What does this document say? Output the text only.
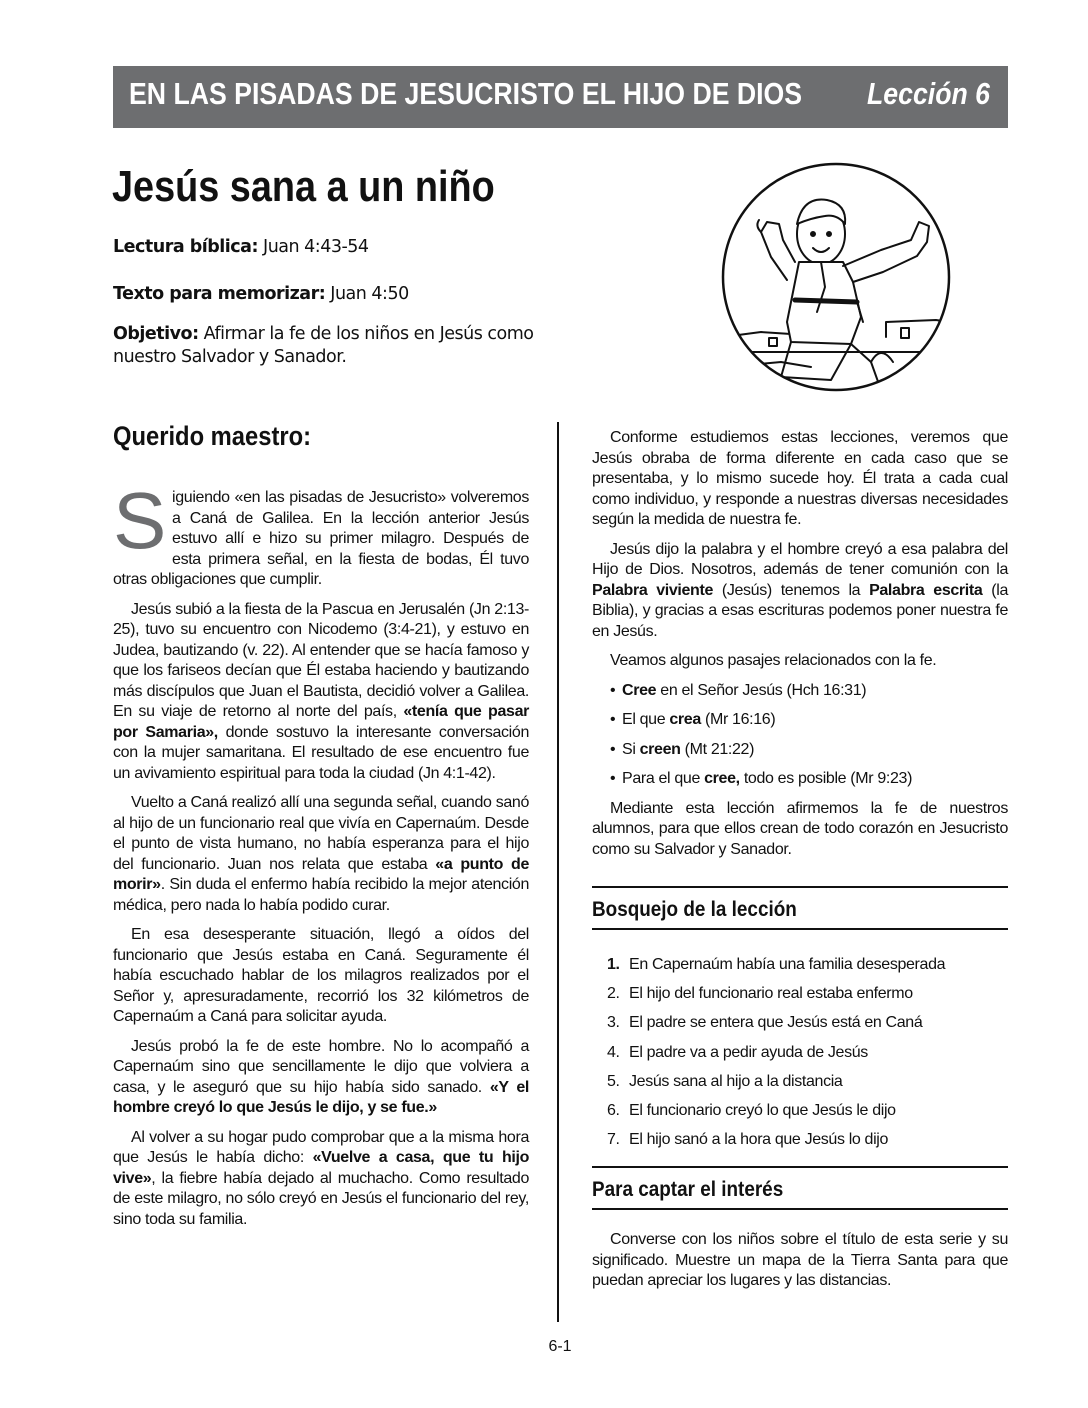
EN LAS PISADAS DE JESUCRISTO EL HIJO DE DIOS Lección 6
Jesús sana a un niño
Lectura bíblica: Juan 4:43-54
Texto para memorizar: Juan 4:50
Objetivo: Afirmar la fe de los niños en Jesús como nuestro Salvador y Sanador.
Querido maestro:

Siguiendo «en las pisadas de Jesucristo» volveremos a Caná de Galilea. En la lección anterior Jesús estuvo allí e hizo su primer milagro. Después de esta primera señal, en la fiesta de bodas, Él tuvo otras obligaciones que cumplir.

Jesús subió a la fiesta de la Pascua en Jerusalén (Jn 2:13-25), tuvo su encuentro con Nicodemo (3:4-21), y estuvo en Judea, bautizando (v. 22). Al entender que se hacía famoso y que los fariseos decían que Él estaba haciendo y bautizando más discípulos que Juan el Bautista, decidió volver a Galilea. En su viaje de retorno al norte del país, «tenía que pasar por Samaria», donde sostuvo la interesante conversación con la mujer samaritana. El resultado de ese encuentro fue un avivamiento espiritual para toda la ciudad (Jn 4:1-42).

Vuelto a Caná realizó allí una segunda señal, cuando sanó al hijo de un funcionario real que vivía en Capernaúm. Desde el punto de vista humano, no había esperanza para el hijo del funcionario. Juan nos relata que estaba «a punto de morir». Sin duda el enfermo había recibido la mejor atención médica, pero nada lo había podido curar.

En esa desesperante situación, llegó a oídos del funcionario que Jesús estaba en Caná. Seguramente él había escuchado hablar de los milagros realizados por el Señor y, apresuradamente, recorrió los 32 kilómetros de Capernaúm a Caná para solicitar ayuda.

Jesús probó la fe de este hombre. No lo acompañó a Capernaúm sino que sencillamente le dijo que volviera a casa, y le aseguró que su hijo había sido sanado. «Y el hombre creyó lo que Jesús le dijo, y se fue.»

Al volver a su hogar pudo comprobar que a la misma hora que Jesús le había dicho: «Vuelve a casa, que tu hijo vive», la fiebre había dejado al muchacho. Como resultado de este milagro, no sólo creyó en Jesús el funcionario del rey, sino toda su familia.

Conforme estudiemos estas lecciones, veremos que Jesús obraba de forma diferente en cada caso que se presentaba, y lo mismo sucede hoy. Él trata a cada cual como individuo, y responde a nuestras diversas necesidades según la medida de nuestra fe.

Jesús dijo la palabra y el hombre creyó a esa palabra del Hijo de Dios. Nosotros, además de tener comunión con la Palabra viviente (Jesús) tenemos la Palabra escrita (la Biblia), y gracias a esas escrituras podemos poner nuestra fe en Jesús.

Veamos algunos pasajes relacionados con la fe.

• Cree en el Señor Jesús (Hch 16:31)
• El que crea (Mr 16:16)
• Si creen (Mt 21:22)
• Para el que cree, todo es posible (Mr 9:23)

Mediante esta lección afirmemos la fe de nuestros alumnos, para que ellos crean de todo corazón en Jesucristo como su Salvador y Sanador.

Bosquejo de la lección
1. En Capernaúm había una familia desesperada
2. El hijo del funcionario real estaba enfermo
3. El padre se entera que Jesús está en Caná
4. El padre va a pedir ayuda de Jesús
5. Jesús sana al hijo a la distancia
6. El funcionario creyó lo que Jesús le dijo
7. El hijo sanó a la hora que Jesús lo dijo
Para captar el interés

Converse con los niños sobre el título de esta serie y su significado. Muestre un mapa de la Tierra Santa para que puedan apreciar los lugares y las distancias.

6-1
